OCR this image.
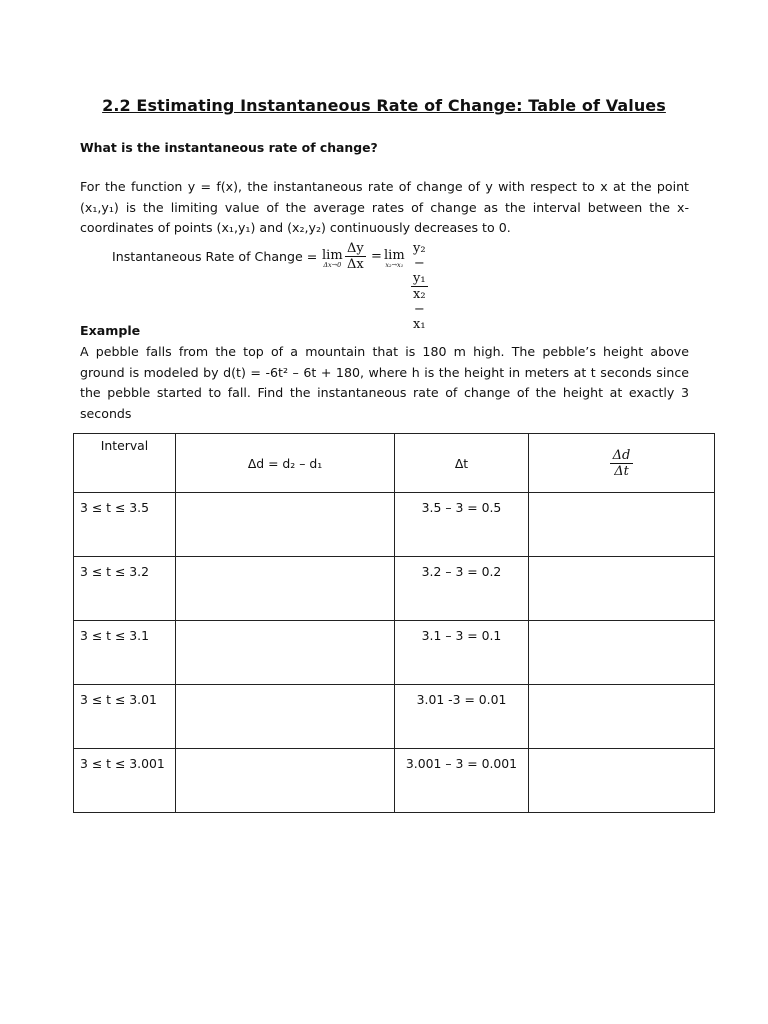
2.2 Estimating Instantaneous Rate of Change: Table of Values
What is the instantaneous rate of change?
For the function y = f(x), the instantaneous rate of change of y with respect to x at the point
(x₁,y₁) is the limiting value of the average rates of change as the interval between the x-
coordinates of points (x₁,y₁) and (x₂,y₂) continuously decreases to 0.
Instantaneous Rate of Change = lim
$\Delta x\to 0 \frac{\Delta y}{\Delta x} = \lim$
$x_2\to x_1 \frac{\text{y₂ − y₁}}{\text{x₂ − x₁}}$
Example
A pebble falls from the top of a mountain that is 180 m high. The pebble’s height above
ground is modeled by d(t) = -6t² – 6t + 180, where h is the height in meters at t seconds since
the pebble started to fall. Find the instantaneous rate of change of the height at exactly 3
seconds
Interval	Δd = d₂ – d₁	Δt	$\frac{\Delta d}{\Delta t}$

3 ≤ t ≤ 3.5		3.5 – 3 = 0.5	
3 ≤ t ≤ 3.2		3.2 – 3 = 0.2	
3 ≤ t ≤ 3.1		3.1 – 3 = 0.1	
3 ≤ t ≤ 3.01		3.01 -3 = 0.01	
3 ≤ t ≤ 3.001		3.001 – 3 = 0.001	
